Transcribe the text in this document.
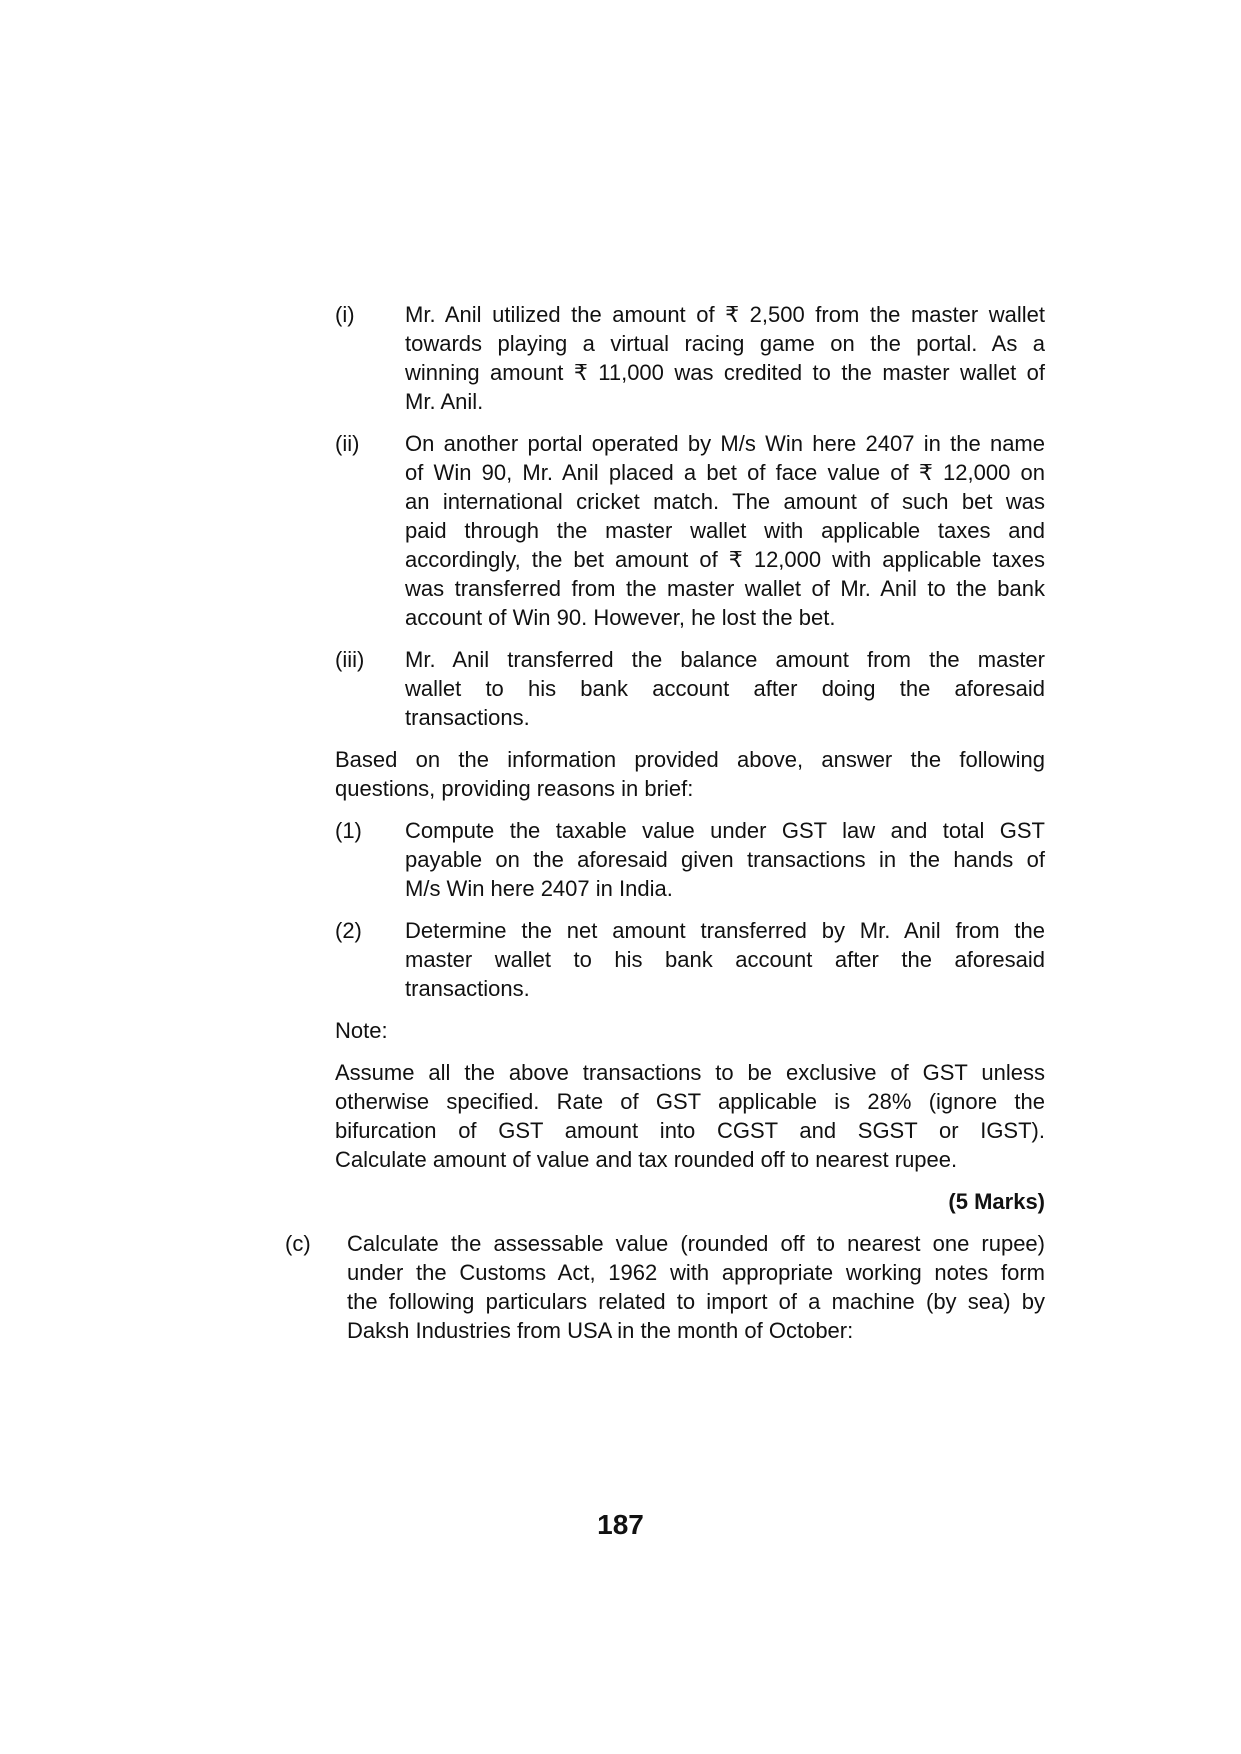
(i)	Mr. Anil utilized the amount of ₹ 2,500 from the master wallet
towards playing a virtual racing game on the portal. As a
winning amount ₹ 11,000 was credited to the master wallet of
Mr. Anil.
(ii)	On another portal operated by M/s Win here 2407 in the name
of Win 90, Mr. Anil placed a bet of face value of ₹ 12,000 on
an international cricket match. The amount of such bet was
paid through the master wallet with applicable taxes and
accordingly, the bet amount of ₹ 12,000 with applicable taxes
was transferred from the master wallet of Mr. Anil to the bank
account of Win 90. However, he lost the bet.
(iii)	Mr. Anil transferred the balance amount from the master
wallet to his bank account after doing the aforesaid
transactions.
Based on the information provided above, answer the following
questions, providing reasons in brief:
(1)	Compute the taxable value under GST law and total GST
payable on the aforesaid given transactions in the hands of
M/s Win here 2407 in India.
(2)	Determine the net amount transferred by Mr. Anil from the
master wallet to his bank account after the aforesaid
transactions.
Note:
Assume all the above transactions to be exclusive of GST unless
otherwise specified. Rate of GST applicable is 28% (ignore the
bifurcation of GST amount into CGST and SGST or IGST).
Calculate amount of value and tax rounded off to nearest rupee.
(5 Marks)
(c)	Calculate the assessable value (rounded off to nearest one rupee)
under the Customs Act, 1962 with appropriate working notes form
the following particulars related to import of a machine (by sea) by
Daksh Industries from USA in the month of October:
187
